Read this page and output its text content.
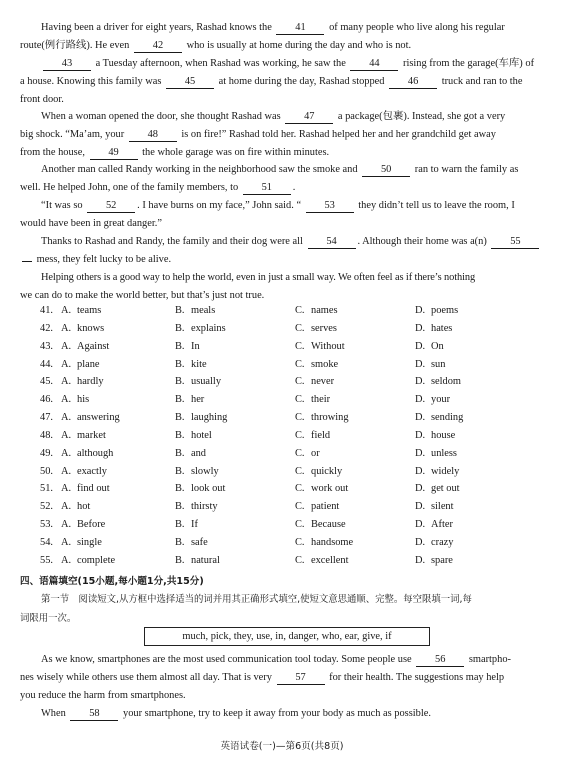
Having been a driver for eight years, Rashad knows the 41 of many people who live along his regular
route(例行路线). He even 42 who is usually at home during the day and who is not.
43 a Tuesday afternoon, when Rashad was working, he saw the 44 rising from the garage(车库) of
a house. Knowing this family was 45 at home during the day, Rashad stopped 46 truck and ran to the
front door.
When a woman opened the door, she thought Rashad was 47 a package(包裹). Instead, she got a very
big shock. “Ma’am, your 48 is on fire!” Rashad told her. Rashad helped her and her grandchild get away
from the house, 49 the whole garage was on fire within minutes.
Another man called Randy working in the neighborhood saw the smoke and 50 ran to warn the family as
well. He helped John, one of the family members, to 51 .
“It was so 52 . I have burns on my face,” John said. “ 53 they didn’t tell us to leave the room, I
would have been in great danger.”
Thanks to Rashad and Randy, the family and their dog were all 54 . Although their home was a(n) 55
mess, they felt lucky to be alive.
Helping others is a good way to help the world, even in just a small way. We often feel as if there’s nothing
we can do to make the world better, but that’s just not true.
41. A. teams	B. meals	C. names	D. poems
42. A. knows	B. explains	C. serves	D. hates
43. A. Against	B. In	C. Without	D. On
44. A. plane	B. kite	C. smoke	D. sun
45. A. hardly	B. usually	C. never	D. seldom
46. A. his	B. her	C. their	D. your
47. A. answering	B. laughing	C. throwing	D. sending
48. A. market	B. hotel	C. field	D. house
49. A. although	B. and	C. or	D. unless
50. A. exactly	B. slowly	C. quickly	D. widely
51. A. find out	B. look out	C. work out	D. get out
52. A. hot	B. thirsty	C. patient	D. silent
53. A. Before	B. If	C. Because	D. After
54. A. single	B. safe	C. handsome	D. crazy
55. A. complete	B. natural	C. excellent	D. spare
四、语篇填空(15小题,每小题1分,共15分)
第一节　阅读短文,从方框中选择适当的词并用其正确形式填空,使短文意思通顺、完整。每空限填一词,每
词限用一次。
much, pick, they, use, in, danger, who, ear, give, if
As we know, smartphones are the most used communication tool today. Some people use 56 smartpho-
nes wisely while others use them almost all day. That is very 57 for their health. The suggestions may help
you reduce the harm from smartphones.
When 58 your smartphone, try to keep it away from your body as much as possible.
英语试卷(一)—第6页(共8页)
